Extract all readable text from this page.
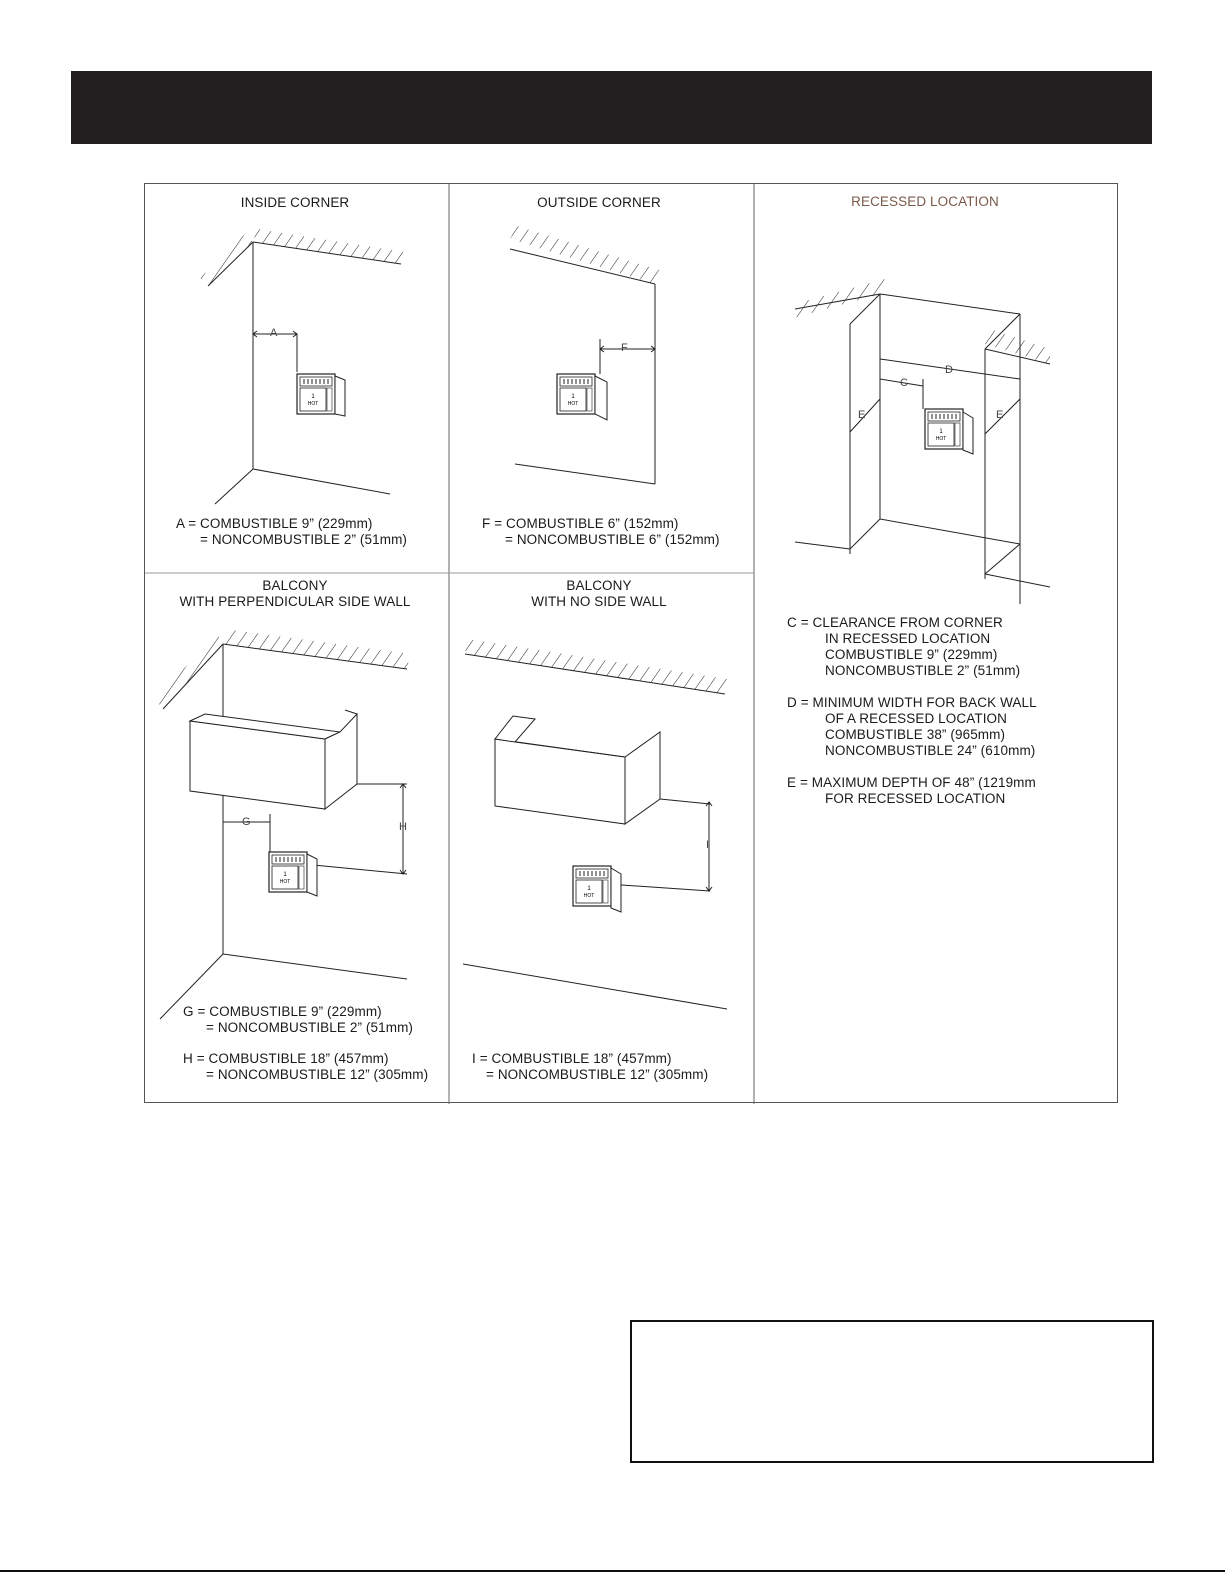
1
HOT
A
F
C
D
E	E
G	H
I
INSIDE CORNER	OUTSIDE CORNER	RECESSED LOCATION
BALCONY
WITH PERPENDICULAR SIDE WALL
BALCONY
WITH NO SIDE WALL
A = COMBUSTIBLE 9” (229mm)
= NONCOMBUSTIBLE 2” (51mm)
F = COMBUSTIBLE 6” (152mm)
= NONCOMBUSTIBLE 6” (152mm)
C = CLEARANCE FROM CORNER
IN RECESSED LOCATION
COMBUSTIBLE 9” (229mm)
NONCOMBUSTIBLE 2” (51mm)
D = MINIMUM WIDTH FOR BACK WALL
OF A RECESSED LOCATION
COMBUSTIBLE 38” (965mm)
NONCOMBUSTIBLE 24” (610mm)
E = MAXIMUM DEPTH OF 48” (1219mm
FOR RECESSED LOCATION
G = COMBUSTIBLE 9” (229mm)
= NONCOMBUSTIBLE 2” (51mm)
H = COMBUSTIBLE 18” (457mm)
= NONCOMBUSTIBLE 12” (305mm)
I = COMBUSTIBLE 18” (457mm)
= NONCOMBUSTIBLE 12” (305mm)
